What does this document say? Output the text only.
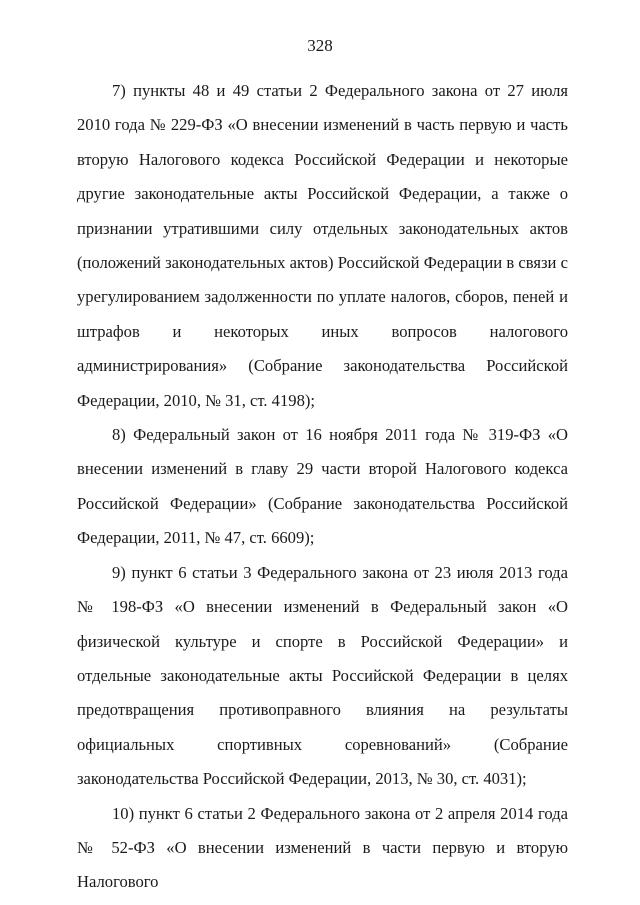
328

7) пункты 48 и 49 статьи 2 Федерального закона от 27 июля 2010 года № 229-ФЗ «О внесении изменений в часть первую и часть вторую Налогового кодекса Российской Федерации и некоторые другие законодательные акты Российской Федерации, а также о признании утратившими силу отдельных законодательных актов (положений законодательных актов) Российской Федерации в связи с урегулированием задолженности по уплате налогов, сборов, пеней и штрафов и некоторых иных вопросов налогового администрирования» (Собрание законодательства Российской Федерации, 2010, № 31, ст. 4198);

8) Федеральный закон от 16 ноября 2011 года № 319-ФЗ «О внесении изменений в главу 29 части второй Налогового кодекса Российской Федерации» (Собрание законодательства Российской Федерации, 2011, № 47, ст. 6609);

9) пункт 6 статьи 3 Федерального закона от 23 июля 2013 года № 198-ФЗ «О внесении изменений в Федеральный закон «О физической культуре и спорте в Российской Федерации» и отдельные законодательные акты Российской Федерации в целях предотвращения противоправного влияния на результаты официальных спортивных соревнований» (Собрание законодательства Российской Федерации, 2013, № 30, ст. 4031);

10) пункт 6 статьи 2 Федерального закона от 2 апреля 2014 года № 52-ФЗ «О внесении изменений в части первую и вторую Налогового
